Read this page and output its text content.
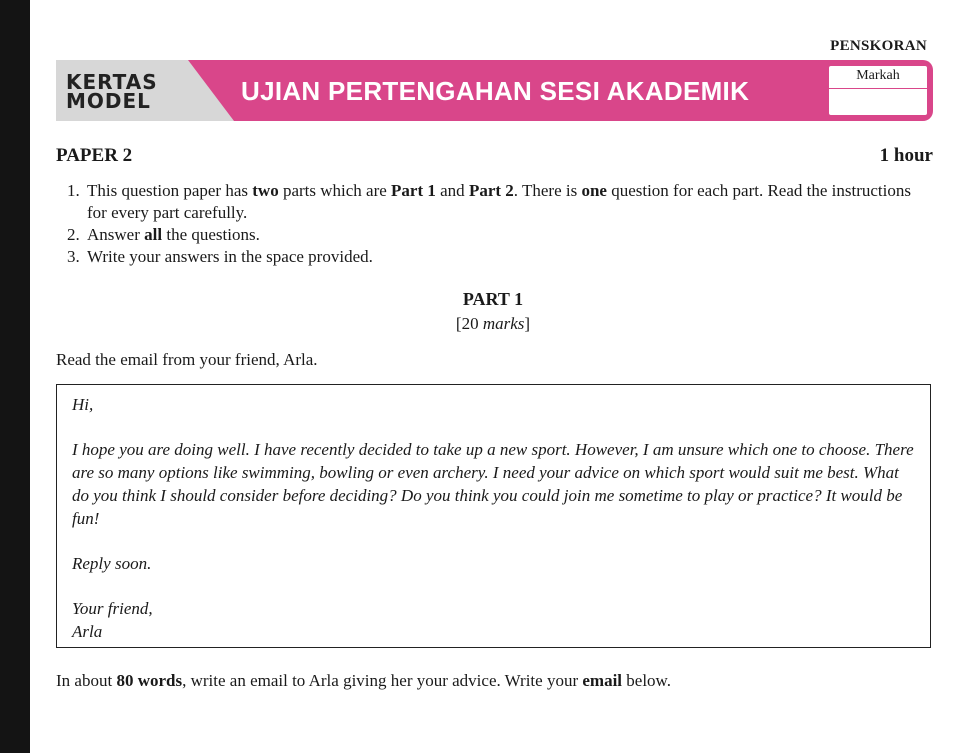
PENSKORAN
KERTAS
MODEL	UJIAN PERTENGAHAN SESI AKADEMIK
Markah
PAPER 2	1 hour
1. This question paper has two parts which are Part 1 and Part 2. There is one question for each part. Read the instructions for every part carefully.
2. Answer all the questions.
3. Write your answers in the space provided.
PART 1
[20 marks]
Read the email from your friend, Arla.

Hi,

I hope you are doing well. I have recently decided to take up a new sport. However, I am unsure which one to choose. There are so many options like swimming, bowling or even archery. I need your advice on which sport would suit me best. What do you think I should consider before deciding? Do you think you could join me sometime to play or practice? It would be fun!

Reply soon.

Your friend,

Arla

In about 80 words, write an email to Arla giving her your advice. Write your email below.
